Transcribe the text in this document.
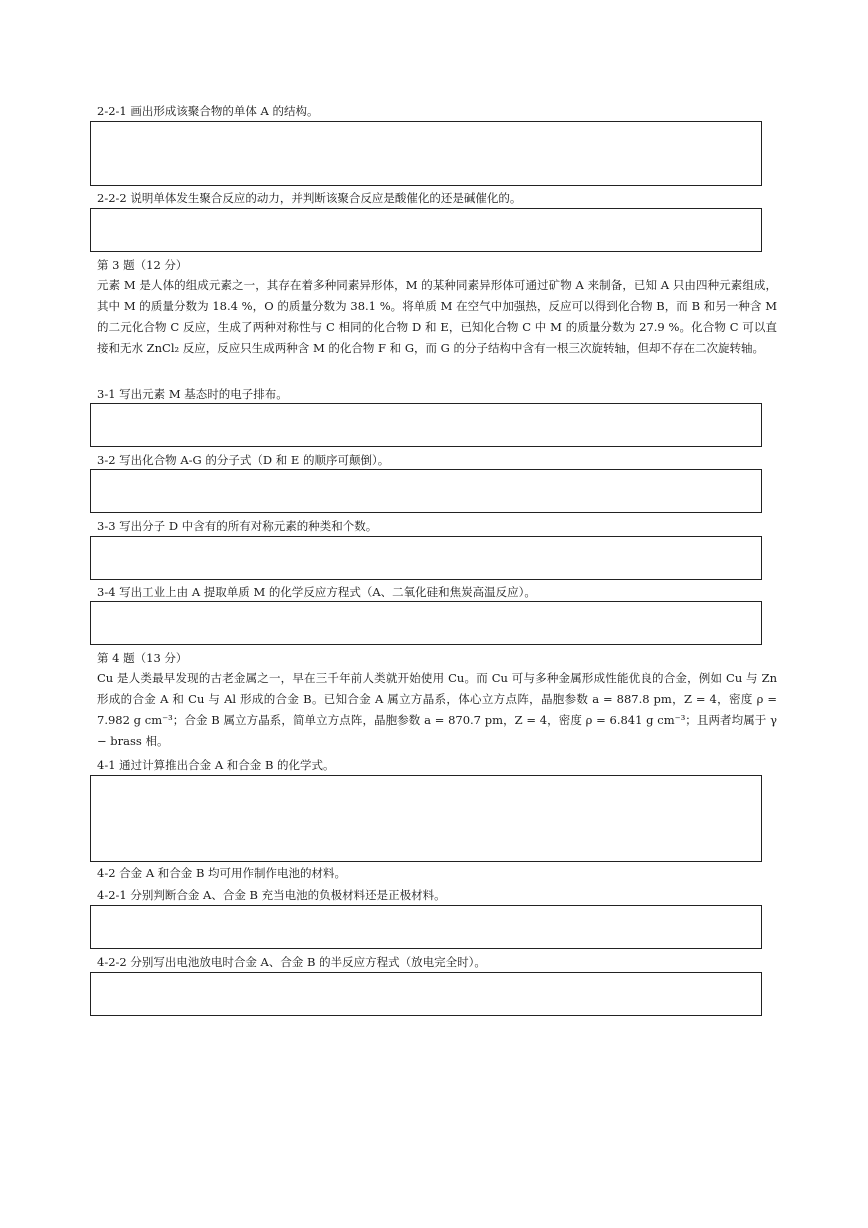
2-2-1 画出形成该聚合物的单体 A 的结构。
2-2-2 说明单体发生聚合反应的动力，并判断该聚合反应是酸催化的还是碱催化的。
第 3 题（12 分）
元素 M 是人体的组成元素之一，其存在着多种同素异形体，M 的某种同素异形体可通过矿物 A 来制备，已知 A 只由四种元素组成，其中 M 的质量分数为 18.4 %，O 的质量分数为 38.1 %。将单质 M 在空气中加强热，反应可以得到化合物 B，而 B 和另一种含 M 的二元化合物 C 反应，生成了两种对称性与 C 相同的化合物 D 和 E，已知化合物 C 中 M 的质量分数为 27.9 %。化合物 C 可以直接和无水 ZnCl₂ 反应，反应只生成两种含 M 的化合物 F 和 G，而 G 的分子结构中含有一根三次旋转轴，但却不存在二次旋转轴。
3-1 写出元素 M 基态时的电子排布。
3-2 写出化合物 A-G 的分子式（D 和 E 的顺序可颠倒）。
3-3 写出分子 D 中含有的所有对称元素的种类和个数。
3-4 写出工业上由 A 提取单质 M 的化学反应方程式（A、二氧化硅和焦炭高温反应）。
第 4 题（13 分）
Cu 是人类最早发现的古老金属之一，早在三千年前人类就开始使用 Cu。而 Cu 可与多种金属形成性能优良的合金，例如 Cu 与 Zn 形成的合金 A 和 Cu 与 Al 形成的合金 B。已知合金 A 属立方晶系，体心立方点阵，晶胞参数 a = 887.8 pm，Z = 4，密度 ρ = 7.982 g cm⁻³；合金 B 属立方晶系，简单立方点阵，晶胞参数 a = 870.7 pm，Z = 4，密度 ρ = 6.841 g cm⁻³；且两者均属于 γ − brass 相。
4-1 通过计算推出合金 A 和合金 B 的化学式。
4-2 合金 A 和合金 B 均可用作制作电池的材料。
4-2-1 分别判断合金 A、合金 B 充当电池的负极材料还是正极材料。
4-2-2 分别写出电池放电时合金 A、合金 B 的半反应方程式（放电完全时）。
